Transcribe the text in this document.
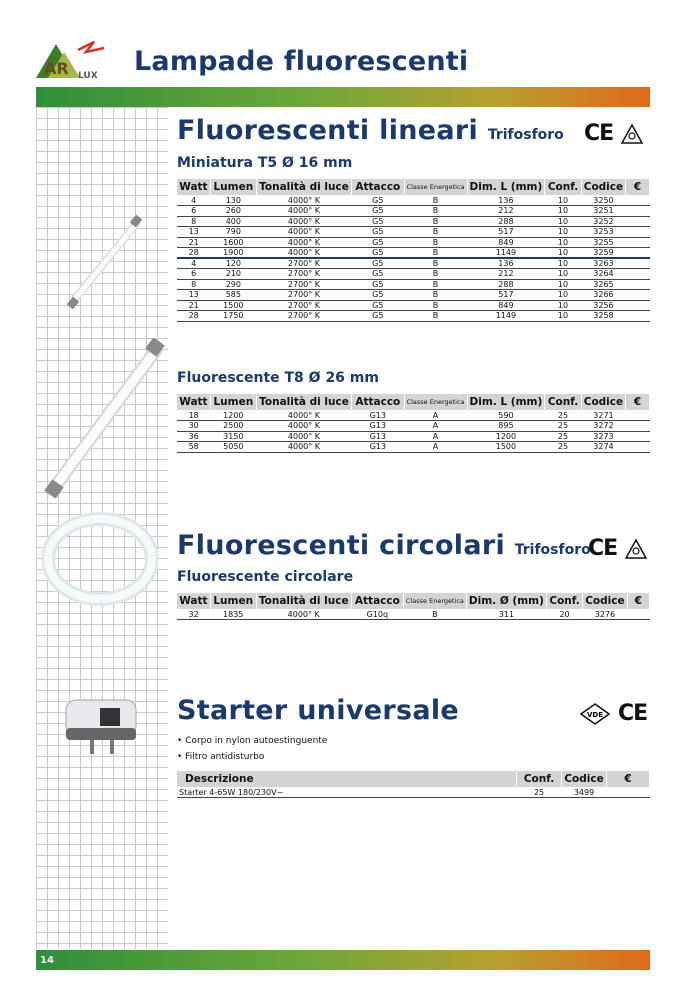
AR LUX Lampade fluorescenti
Fluorescenti lineari Trifosforo CE
Miniatura T5 Ø 16 mm
Watt	Lumen	Tonalità di luce	Attacco	Classe Energetica	Dim. L (mm)	Conf.	Codice	€
4	130	4000° K	G5	B	136	10	3250	
6	260	4000° K	G5	B	212	10	3251	
8	400	4000° K	G5	B	288	10	3252	
13	790	4000° K	G5	B	517	10	3253	
21	1600	4000° K	G5	B	849	10	3255	
28	1900	4000° K	G5	B	1149	10	3259	
4	120	2700° K	G5	B	136	10	3263	
6	210	2700° K	G5	B	212	10	3264	
8	290	2700° K	G5	B	288	10	3265	
13	585	2700° K	G5	B	517	10	3266	
21	1500	2700° K	G5	B	849	10	3256	
28	1750	2700° K	G5	B	1149	10	3258	
Fluorescente T8 Ø 26 mm
Watt	Lumen	Tonalità di luce	Attacco	Classe Energetica	Dim. L (mm)	Conf.	Codice	€
18	1200	4000° K	G13	A	590	25	3271	
30	2500	4000° K	G13	A	895	25	3272	
36	3150	4000° K	G13	A	1200	25	3273	
58	5050	4000° K	G13	A	1500	25	3274	
Fluorescenti circolari Trifosforo
CE
Fluorescente circolare
Watt	Lumen	Tonalità di luce	Attacco	Classe Energetica	Dim. Ø (mm)	Conf.	Codice	€
32	1835	4000° K	G10q	B	311	20	3276	
Starter universale	VDE CE
• Corpo in nylon autoestinguente
• Filtro antidisturbo
Descrizione	Conf.	Codice	€
Starter 4-65W 180/230V~	25	3499	
14
